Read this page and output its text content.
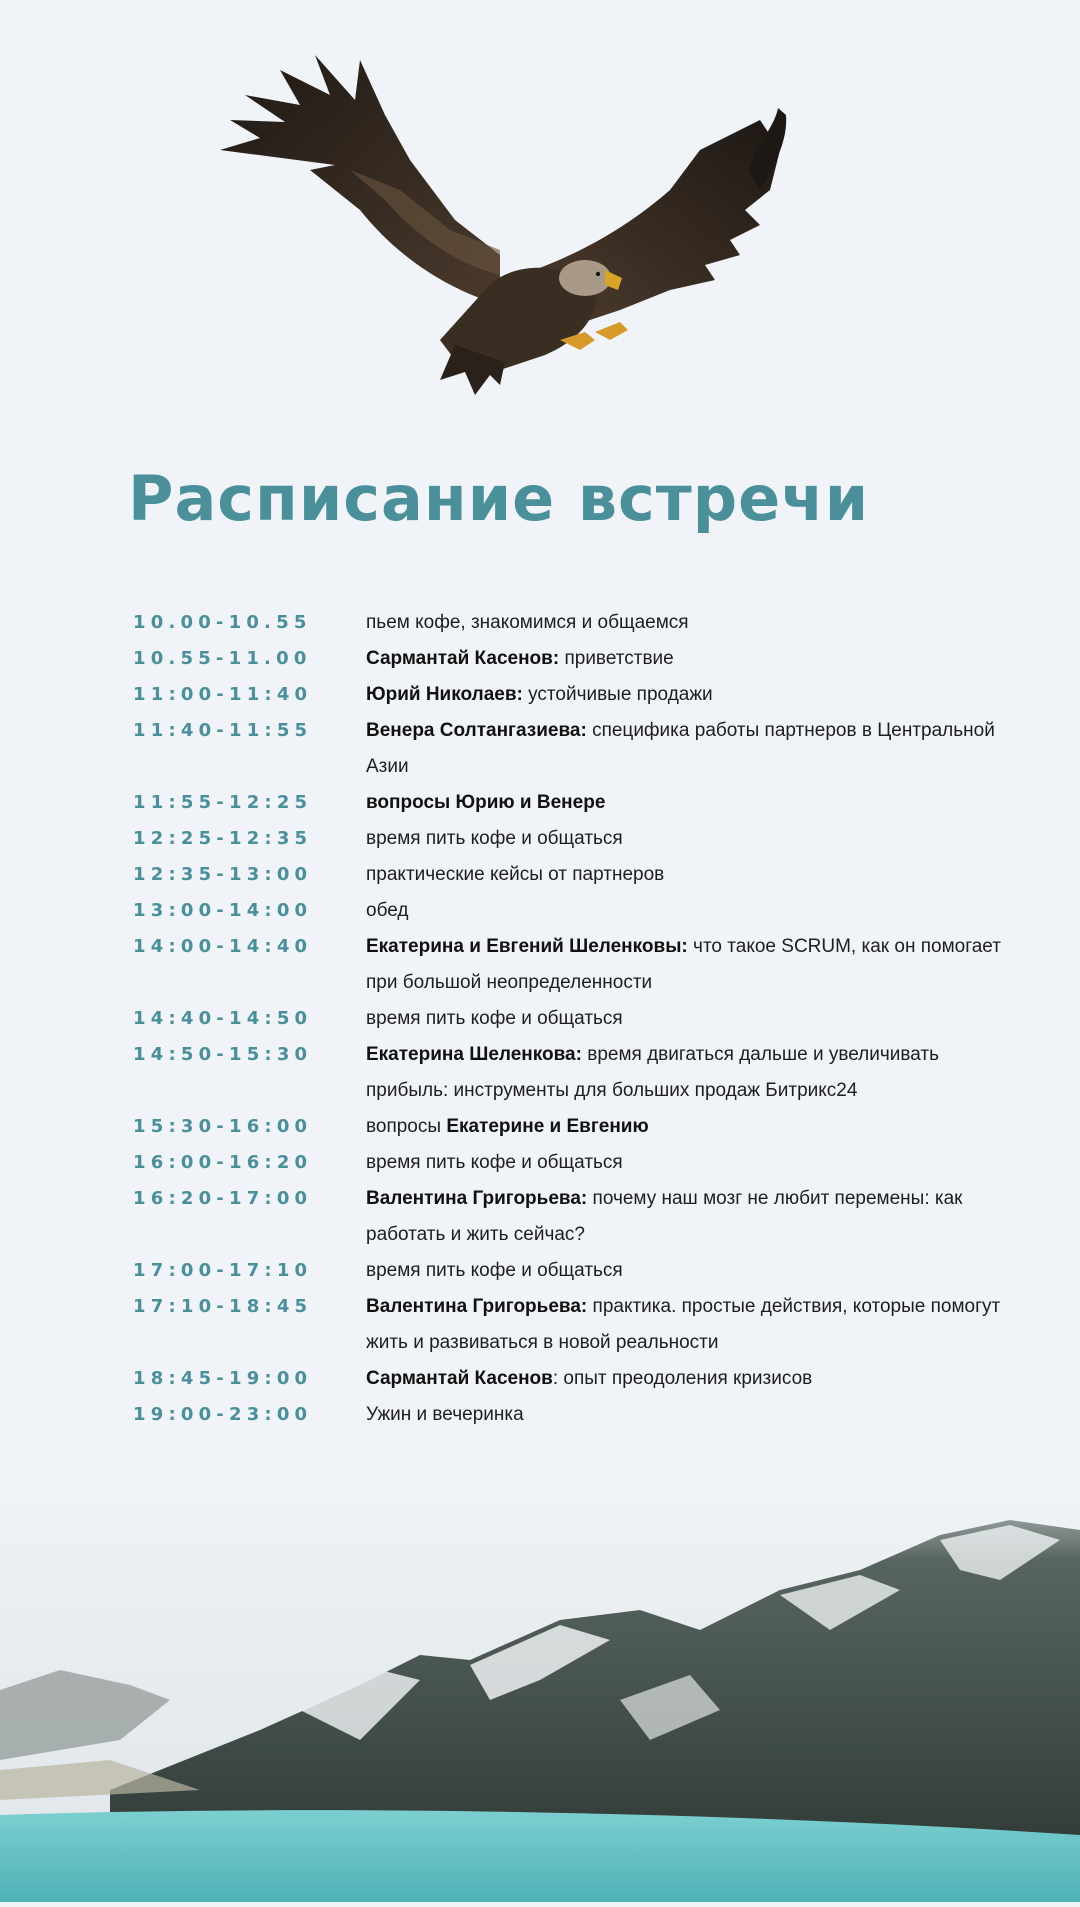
Расписание встречи
10.00-10.55	пьем кофе, знакомимся и общаемся
10.55-11.00	Сармантай Касенов: приветствие
11:00-11:40	Юрий Николаев: устойчивые продажи
11:40-11:55	Венера Солтангазиева: специфика работы партнеров в Центральной Азии
11:55-12:25	вопросы Юрию и Венере
12:25-12:35	время пить кофе и общаться
12:35-13:00	практические кейсы от партнеров
13:00-14:00	обед
14:00-14:40	Екатерина и Евгений Шеленковы: что такое SCRUM, как он помогает при большой неопределенности
14:40-14:50	время пить кофе и общаться
14:50-15:30	Екатерина Шеленкова: время двигаться дальше и увеличивать прибыль: инструменты для больших продаж Битрикс24
15:30-16:00	вопросы Екатерине и Евгению
16:00-16:20	время пить кофе и общаться
16:20-17:00	Валентина Григорьева: почему наш мозг не любит перемены: как работать и жить сейчас?
17:00-17:10	время пить кофе и общаться
17:10-18:45	Валентина Григорьева: практика. простые действия, которые помогут жить и развиваться в новой реальности
18:45-19:00	Сармантай Касенов: опыт преодоления кризисов
19:00-23:00	Ужин и вечеринка
